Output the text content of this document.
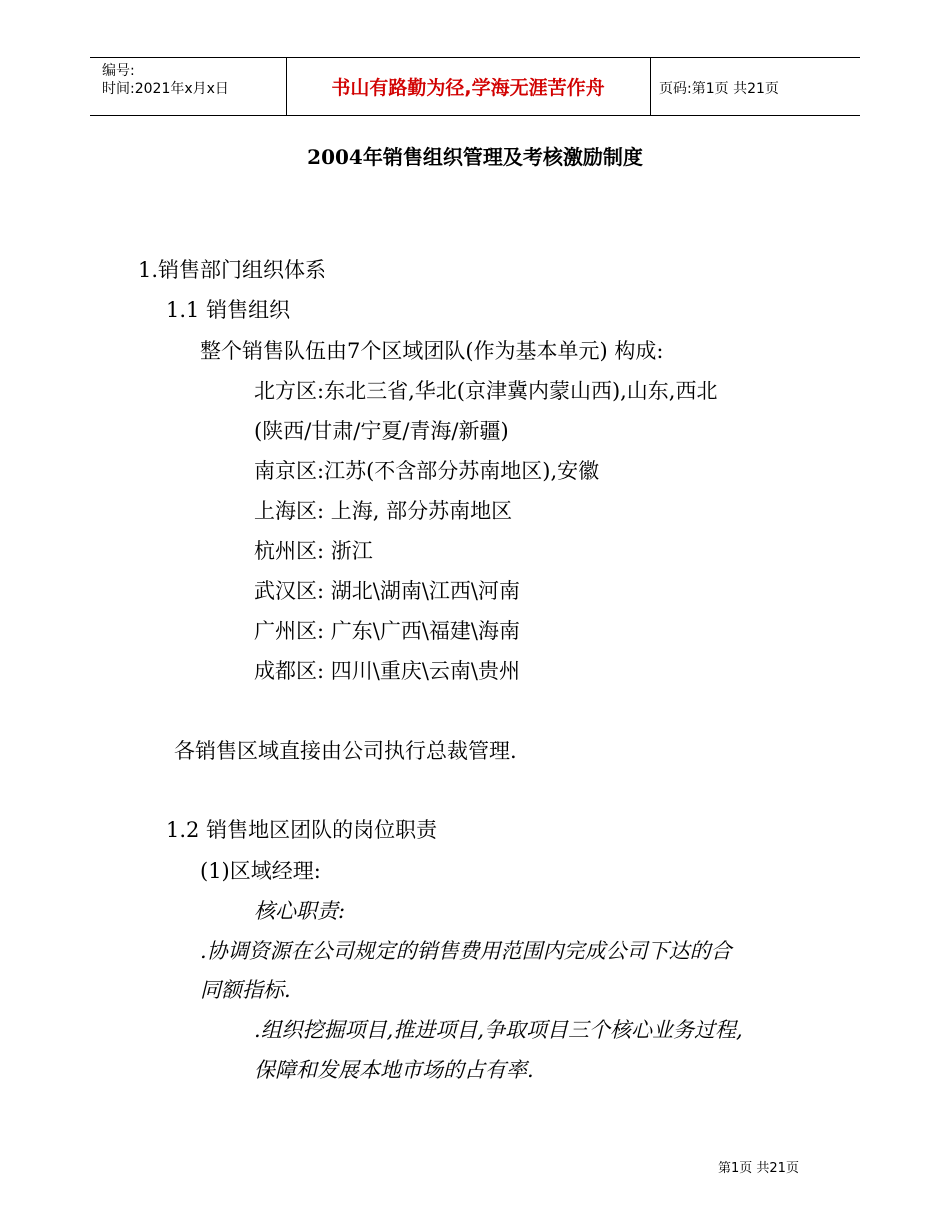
编号:
时间:2021年x月x日	书山有路勤为径,学海无涯苦作舟	页码:第1页 共21页
2004年销售组织管理及考核激励制度
1.销售部门组织体系
1.1 销售组织
整个销售队伍由7个区域团队(作为基本单元) 构成:
北方区:东北三省,华北(京津冀内蒙山西),山东,西北
(陕西/甘肃/宁夏/青海/新疆)
南京区:江苏(不含部分苏南地区),安徽
上海区: 上海, 部分苏南地区
杭州区: 浙江
武汉区: 湖北\湖南\江西\河南
广州区: 广东\广西\福建\海南
成都区: 四川\重庆\云南\贵州
各销售区域直接由公司执行总裁管理.
1.2 销售地区团队的岗位职责
(1)区域经理:
核心职责:
.协调资源在公司规定的销售费用范围内完成公司下达的合
同额指标.
.组织挖掘项目,推进项目,争取项目三个核心业务过程,
保障和发展本地市场的占有率.
第1页 共21页
